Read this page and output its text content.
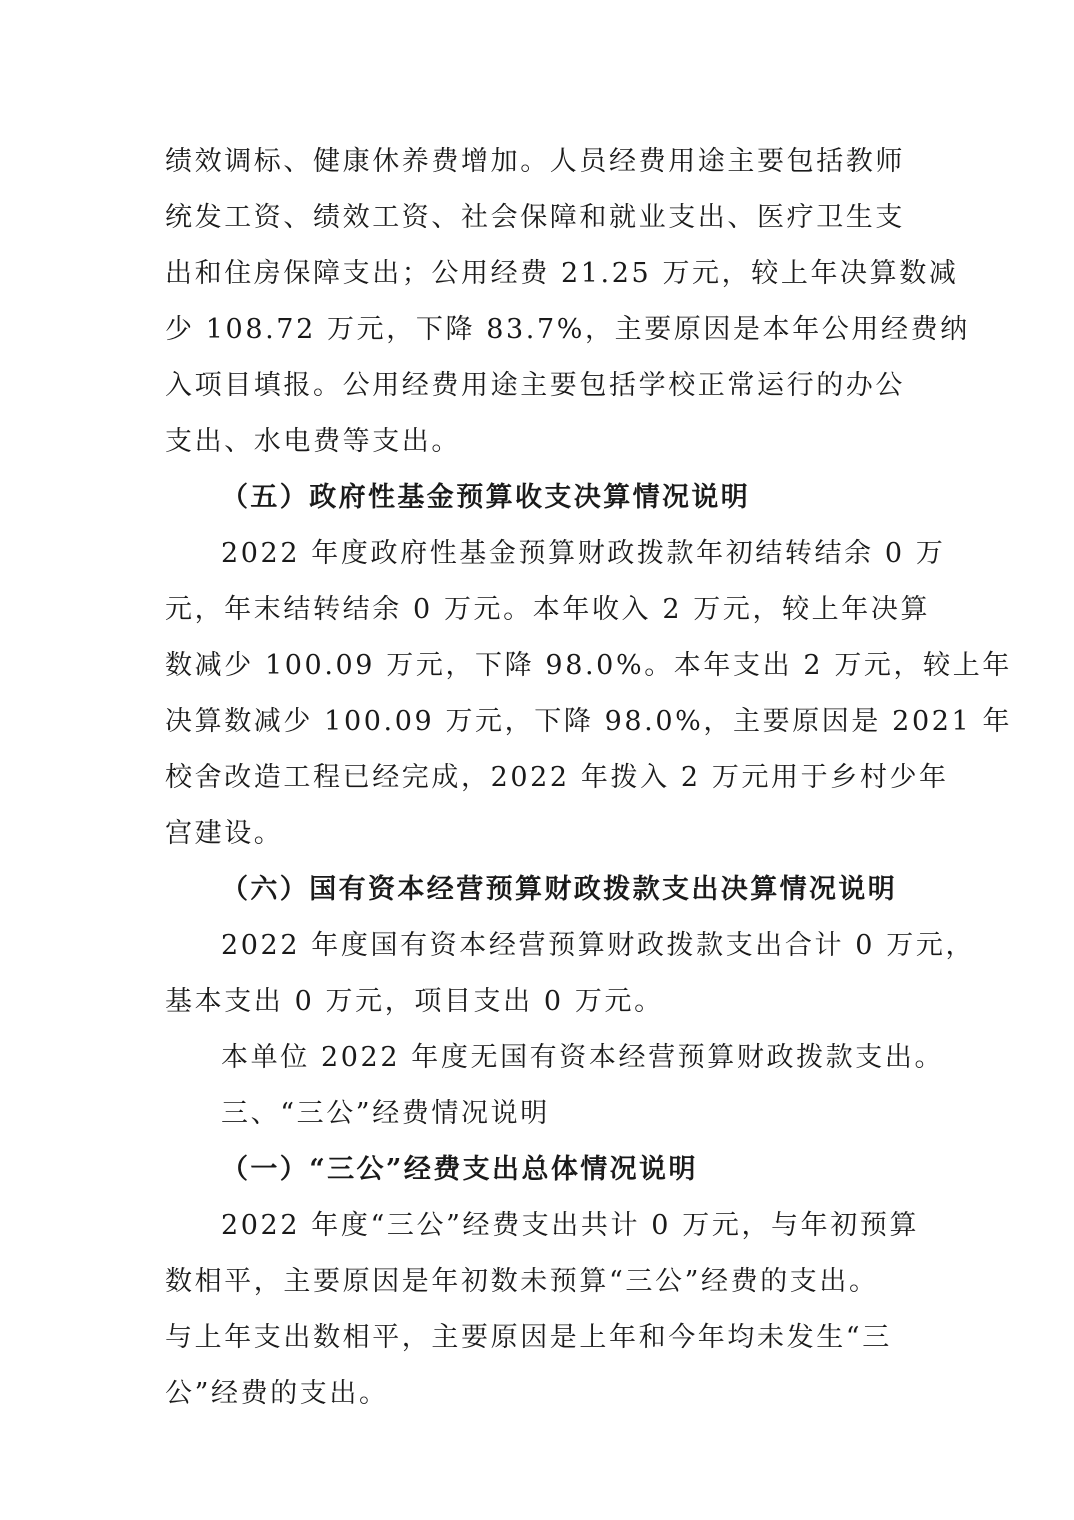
绩效调标、健康休养费增加。人员经费用途主要包括教师
统发工资、绩效工资、社会保障和就业支出、医疗卫生支
出和住房保障支出；公用经费 21.25 万元，较上年决算数减
少 108.72 万元，下降 83.7%，主要原因是本年公用经费纳
入项目填报。公用经费用途主要包括学校正常运行的办公
支出、水电费等支出。
（五）政府性基金预算收支决算情况说明
2022 年度政府性基金预算财政拨款年初结转结余 0 万
元，年末结转结余 0 万元。本年收入 2 万元，较上年决算
数减少 100.09 万元，下降 98.0%。本年支出 2 万元，较上年
决算数减少 100.09 万元，下降 98.0%，主要原因是 2021 年
校舍改造工程已经完成，2022 年拨入 2 万元用于乡村少年
宫建设。
（六）国有资本经营预算财政拨款支出决算情况说明
2022 年度国有资本经营预算财政拨款支出合计 0 万元，
基本支出 0 万元，项目支出 0 万元。
本单位 2022 年度无国有资本经营预算财政拨款支出。
三、“三公”经费情况说明
（一）“三公”经费支出总体情况说明
2022 年度“三公”经费支出共计 0 万元，与年初预算
数相平，主要原因是年初数未预算“三公”经费的支出。
与上年支出数相平，主要原因是上年和今年均未发生“三
公”经费的支出。
